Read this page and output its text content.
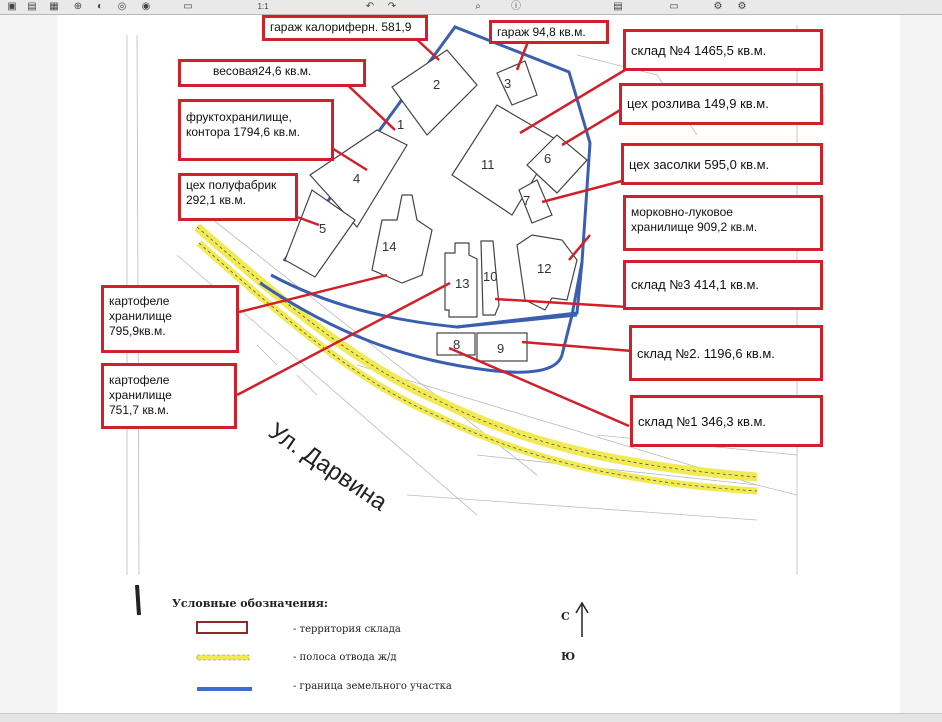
▣	▤	▦	⊕	◐	◎	◉	▭	1:1	↶	↷	⌕	ⓘ	▤	▭	⚙	⚙
1
2	3
4
5
6
7
8	9
10
11
12
13
14
Ул. Дарвина
С
Ю
гараж калориферн. 581,9	гараж 94,8 кв.м.
склад №4 1465,5 кв.м.
весовая24,6 кв.м.
цех розлива 149,9 кв.м.
фруктохранилище,
контора 1794,6 кв.м.
цех засолки 595,0 кв.м.
цех полуфабрик
292,1 кв.м.
морковно-луковое
хранилище 909,2 кв.м.
склад №3 414,1 кв.м.
картофеле
хранилище
795,9кв.м.
склад №2. 1196,6 кв.м.
картофеле
хранилище
751,7 кв.м.
склад №1 346,3 кв.м.
Условные обозначения:
- территория склада
- полоса отвода ж/д
- граница земельного участка
